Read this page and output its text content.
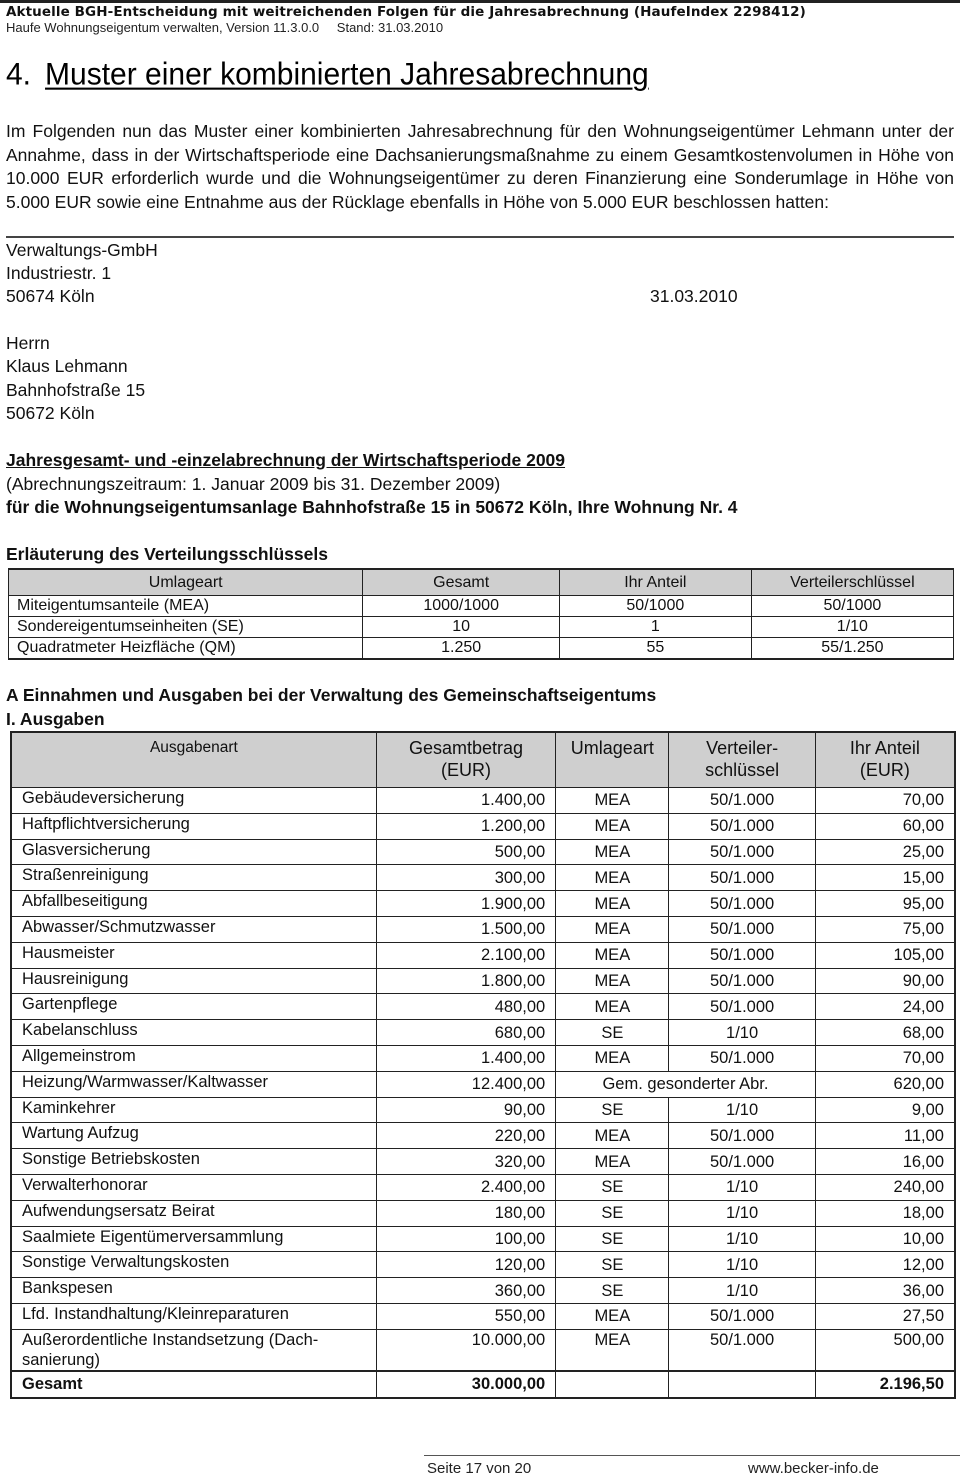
Aktuelle BGH-Entscheidung mit weitreichenden Folgen für die Jahresabrechnung (HaufeIndex 2298412)
Haufe Wohnungseigentum verwalten, Version 11.3.0.0 Stand: 31.03.2010
4. Muster einer kombinierten Jahresabrechnung
Im Folgenden nun das Muster einer kombinierten Jahresabrechnung für den Wohnungseigentümer Lehmann unter der Annahme, dass in der Wirtschaftsperiode eine Dachsanierungsmaßnahme zu einem Gesamtkostenvolumen in Höhe von 10.000 EUR erforderlich wurde und die Wohnungseigentümer zu deren Finanzierung eine Sonderumlage in Höhe von 5.000 EUR sowie eine Entnahme aus der Rücklage ebenfalls in Höhe von 5.000 EUR beschlossen hatten:
Verwaltungs-GmbH
Industriestr. 1
50674 Köln	31.03.2010
Herrn
Klaus Lehmann
Bahnhofstraße 15
50672 Köln
Jahresgesamt- und -einzelabrechnung der Wirtschaftsperiode 2009
(Abrechnungszeitraum: 1. Januar 2009 bis 31. Dezember 2009)
für die Wohnungseigentumsanlage Bahnhofstraße 15 in 50672 Köln, Ihre Wohnung Nr. 4
Erläuterung des Verteilungsschlüssels
Umlageart	Gesamt	Ihr Anteil	Verteilerschlüssel
Miteigentumsanteile (MEA)	1000/1000	50/1000	50/1000
Sondereigentumseinheiten (SE)	10	1	1/10
Quadratmeter Heizfläche (QM)	1.250	55	55/1.250
A Einnahmen und Ausgaben bei der Verwaltung des Gemeinschaftseigentums
I. Ausgaben
Ausgabenart	Gesamtbetrag (EUR)	Umlageart	Verteiler-schlüssel	Ihr Anteil (EUR)
Gebäudeversicherung	1.400,00	MEA	50/1.000	70,00
Haftpflichtversicherung	1.200,00	MEA	50/1.000	60,00
Glasversicherung	500,00	MEA	50/1.000	25,00
Straßenreinigung	300,00	MEA	50/1.000	15,00
Abfallbeseitigung	1.900,00	MEA	50/1.000	95,00
Abwasser/Schmutzwasser	1.500,00	MEA	50/1.000	75,00
Hausmeister	2.100,00	MEA	50/1.000	105,00
Hausreinigung	1.800,00	MEA	50/1.000	90,00
Gartenpflege	480,00	MEA	50/1.000	24,00
Kabelanschluss	680,00	SE	1/10	68,00
Allgemeinstrom	1.400,00	MEA	50/1.000	70,00
Heizung/Warmwasser/Kaltwasser	12.400,00	Gem. gesonderter Abr.		620,00
Kaminkehrer	90,00	SE	1/10	9,00
Wartung Aufzug	220,00	MEA	50/1.000	11,00
Sonstige Betriebskosten	320,00	MEA	50/1.000	16,00
Verwalterhonorar	2.400,00	SE	1/10	240,00
Aufwendungsersatz Beirat	180,00	SE	1/10	18,00
Saalmiete Eigentümerversammlung	100,00	SE	1/10	10,00
Sonstige Verwaltungskosten	120,00	SE	1/10	12,00
Bankspesen	360,00	SE	1/10	36,00
Lfd. Instandhaltung/Kleinreparaturen	550,00	MEA	50/1.000	27,50
Außerordentliche Instandsetzung (Dach-sanierung)	10.000,00	MEA	50/1.000	500,00
Gesamt	30.000,00			2.196,50
Seite 17 von 20	www.becker-info.de
